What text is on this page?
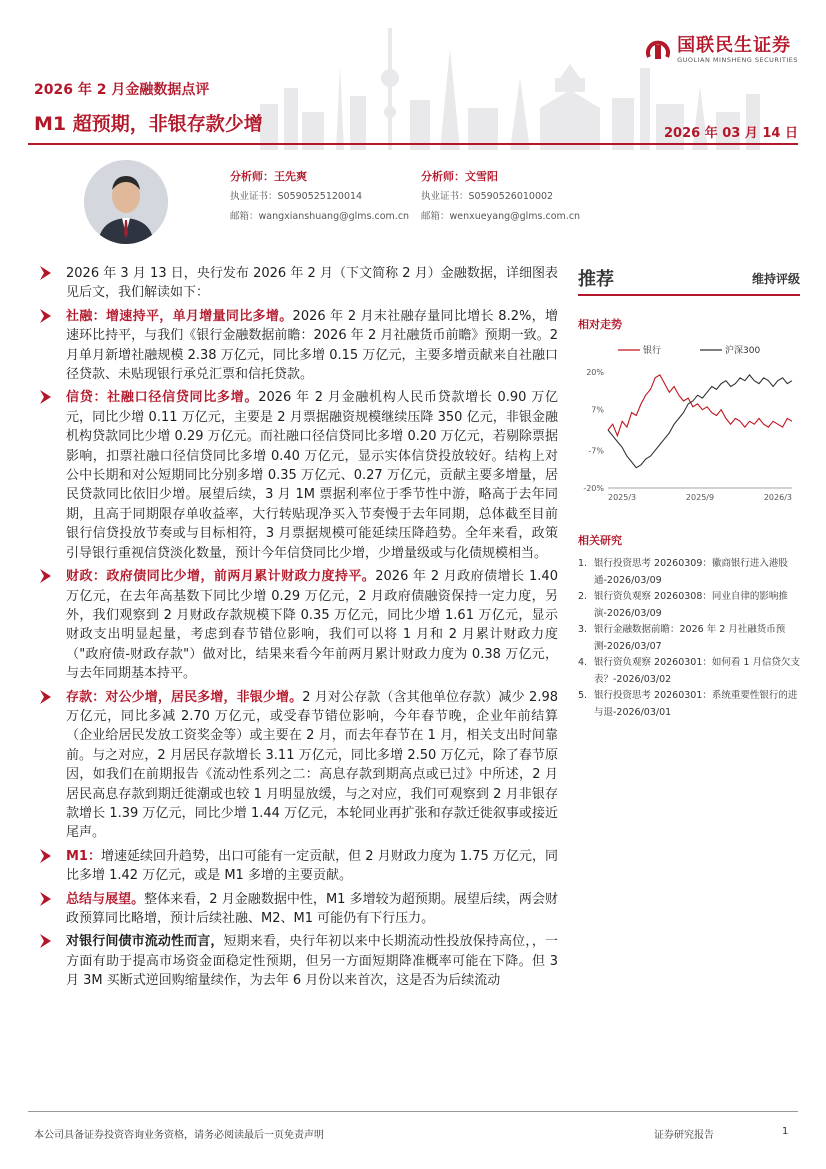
国联民生证券
GUOLIAN MINSHENG SECURITIES
2026 年 2 月金融数据点评
M1 超预期，非银存款少增	2026 年 03 月 14 日
分析师：王先爽
执业证书：S0590525120014
邮箱：wangxianshuang@glms.com.cn
分析师：文雪阳
执业证书：S0590526010002
邮箱：wenxueyang@glms.com.cn
2026 年 3 月 13 日，央行发布 2026 年 2 月（下文简称 2 月）金融数据，详细图表见后文，我们解读如下：
社融：增速持平，单月增量同比多增。2026 年 2 月末社融存量同比增长 8.2%，增速环比持平，与我们《银行金融数据前瞻：2026 年 2 月社融货币前瞻》预期一致。2 月单月新增社融规模 2.38 万亿元，同比多增 0.15 万亿元，主要多增贡献来自社融口径贷款、未贴现银行承兑汇票和信托贷款。
信贷：社融口径信贷同比多增。2026 年 2 月金融机构人民币贷款增长 0.90 万亿元，同比少增 0.11 万亿元，主要是 2 月票据融资规模继续压降 350 亿元，非银金融机构贷款同比少增 0.29 万亿元。而社融口径信贷同比多增 0.20 万亿元，若剔除票据影响，扣票社融口径信贷同比多增 0.40 万亿元，显示实体信贷投放较好。结构上对公中长期和对公短期同比分别多增 0.35 万亿元、0.27 万亿元，贡献主要多增量，居民贷款同比依旧少增。展望后续，3 月 1M 票据利率位于季节性中游，略高于去年同期，且高于同期限存单收益率，大行转贴现净买入节奏慢于去年同期，总体截至目前银行信贷投放节奏或与目标相符，3 月票据规模可能延续压降趋势。全年来看，政策引导银行重视信贷淡化数量，预计今年信贷同比少增，少增量级或与化债规模相当。
财政：政府债同比少增，前两月累计财政力度持平。2026 年 2 月政府债增长 1.40 万亿元，在去年高基数下同比少增 0.29 万亿元，2 月政府债融资保持一定力度，另外，我们观察到 2 月财政存款规模下降 0.35 万亿元，同比少增 1.61 万亿元，显示财政支出明显起量，考虑到春节错位影响，我们可以将 1 月和 2 月累计财政力度（"政府债-财政存款"）做对比，结果来看今年前两月累计财政力度为 0.38 万亿元，与去年同期基本持平。
存款：对公少增，居民多增，非银少增。2 月对公存款（含其他单位存款）减少 2.98 万亿元，同比多减 2.70 万亿元，或受春节错位影响，今年春节晚，企业年前结算（企业给居民发放工资奖金等）或主要在 2 月，而去年春节在 1 月，相关支出时间靠前。与之对应，2 月居民存款增长 3.11 万亿元，同比多增 2.50 万亿元，除了春节原因，如我们在前期报告《流动性系列之二：高息存款到期高点或已过》中所述，2 月居民高息存款到期迁徙潮或也较 1 月明显放缓，与之对应，我们可观察到 2 月非银存款增长 1.39 万亿元，同比少增 1.44 万亿元，本轮同业再扩张和存款迁徙叙事或接近尾声。
M1：增速延续回升趋势，出口可能有一定贡献，但 2 月财政力度为 1.75 万亿元，同比多增 1.42 万亿元，或是 M1 多增的主要贡献。
总结与展望。整体来看，2 月金融数据中性，M1 多增较为超预期。展望后续，两会财政预算同比略增，预计后续社融、M2、M1 可能仍有下行压力。
对银行间债市流动性而言，短期来看，央行年初以来中长期流动性投放保持高位，，一方面有助于提高市场资金面稳定性预期，但另一方面短期降准概率可能在下降。但 3 月 3M 买断式逆回购缩量续作，为去年 6 月份以来首次，这是否为后续流动
推荐	维持评级
相对走势
银行	沪深300
20%
7%
-7%
-20%
2025/3	2025/9	2026/3
相关研究
1. 银行投资思考 20260309：徽商银行进入港股通-2026/03/09
2. 银行资负观察 20260308：同业自律的影响推演-2026/03/09
3. 银行金融数据前瞻：2026 年 2 月社融货币预测-2026/03/07
4. 银行资负观察 20260301：如何看 1 月信贷欠支表？-2026/03/02
5. 银行投资思考 20260301：系统重要性银行的进与退-2026/03/01
本公司具备证券投资咨询业务资格，请务必阅读最后一页免责声明	证券研究报告	1
